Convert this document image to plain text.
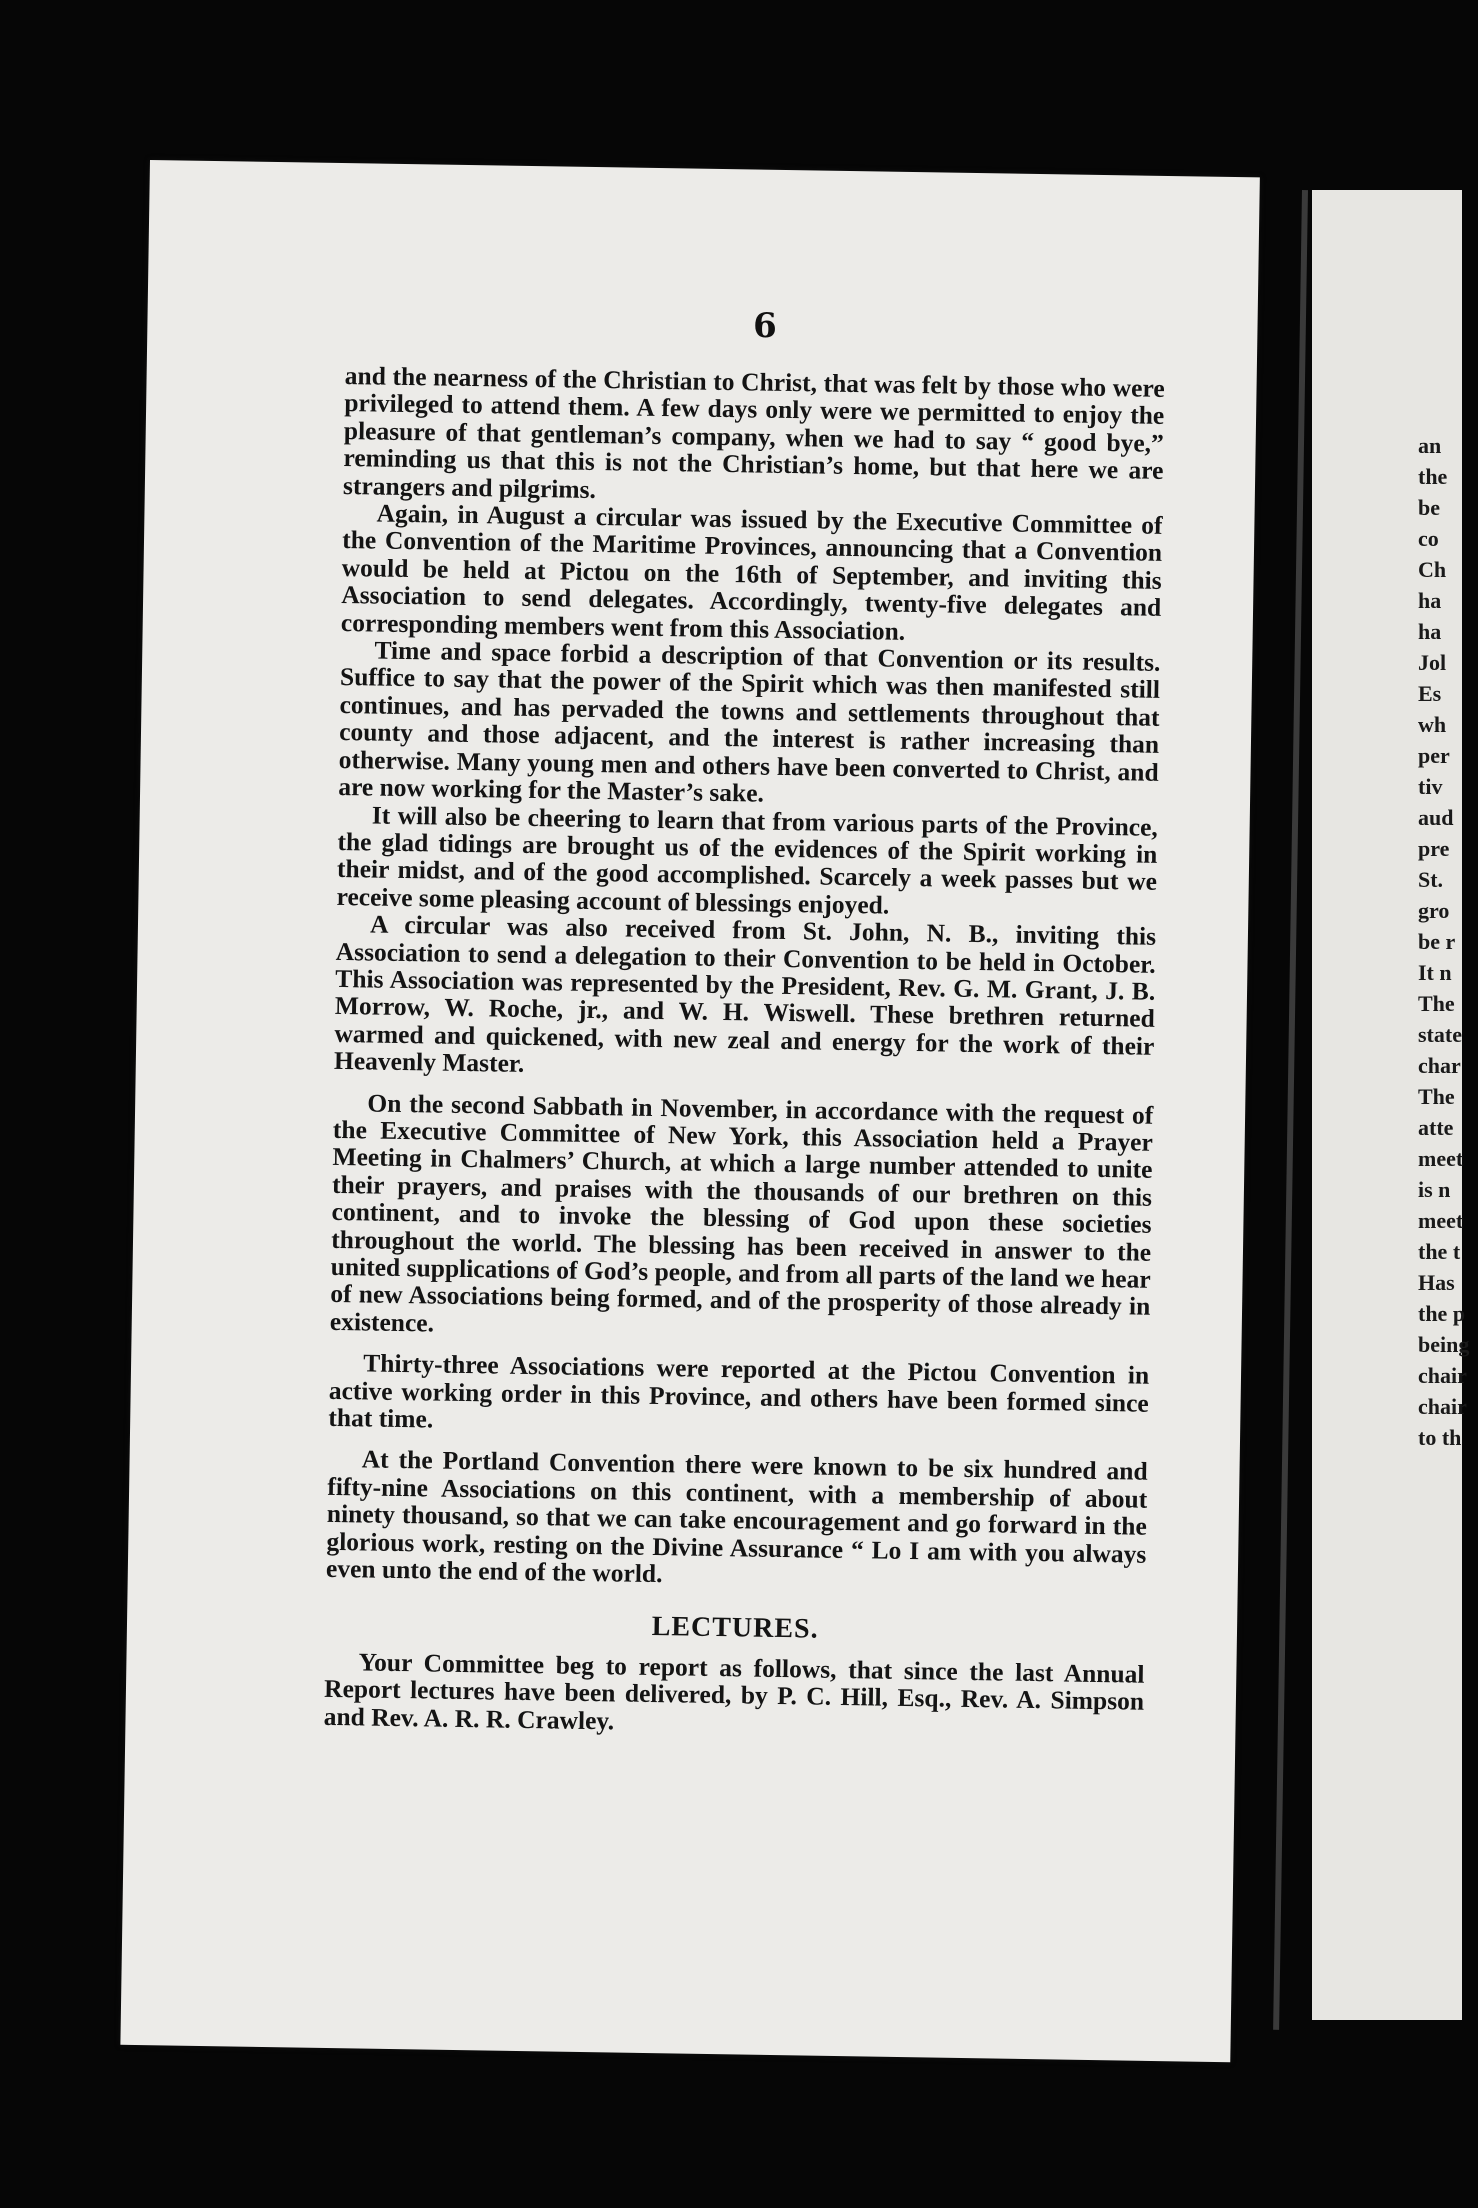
6

and the nearness of the Christian to Christ, that was felt by those who were privileged to attend them. A few days only were we permitted to enjoy the pleasure of that gentleman’s company, when we had to say “ good bye,” reminding us that this is not the Christian’s home, but that here we are strangers and pilgrims.

Again, in August a circular was issued by the Executive Committee of the Convention of the Maritime Provinces, announcing that a Convention would be held at Pictou on the 16th of September, and inviting this Association to send delegates. Accordingly, twenty-five delegates and corresponding members went from this Association.

Time and space forbid a description of that Convention or its results. Suffice to say that the power of the Spirit which was then manifested still continues, and has pervaded the towns and settlements throughout that county and those adjacent, and the interest is rather increasing than otherwise. Many young men and others have been converted to Christ, and are now working for the Master’s sake.

It will also be cheering to learn that from various parts of the Province, the glad tidings are brought us of the evidences of the Spirit working in their midst, and of the good accomplished. Scarcely a week passes but we receive some pleasing account of blessings enjoyed.

A circular was also received from St. John, N. B., inviting this Association to send a delegation to their Convention to be held in October. This Association was represented by the President, Rev. G. M. Grant, J. B. Morrow, W. Roche, jr., and W. H. Wiswell. These brethren returned warmed and quickened, with new zeal and energy for the work of their Heavenly Master.

On the second Sabbath in November, in accordance with the request of the Executive Committee of New York, this Association held a Prayer Meeting in Chalmers’ Church, at which a large number attended to unite their prayers, and praises with the thousands of our brethren on this continent, and to invoke the blessing of God upon these societies throughout the world. The blessing has been received in answer to the united supplications of God’s people, and from all parts of the land we hear of new Associations being formed, and of the prosperity of those already in existence.

Thirty-three Associations were reported at the Pictou Convention in active working order in this Province, and others have been formed since that time.

At the Portland Convention there were known to be six hundred and fifty-nine Associations on this continent, with a membership of about ninety thousand, so that we can take encouragement and go forward in the glorious work, resting on the Divine Assurance “ Lo I am with you always even unto the end of the world.

LECTURES.

Your Committee beg to report as follows, that since the last Annual Report lectures have been delivered, by P. C. Hill, Esq., Rev. A. Simpson and Rev. A. R. R. Crawley.

an
the
be
co
Ch
ha
ha
Jol
Es
wh
per
tiv
aud
pre
St.
gro
be r
It n
The
state
char
The
atte
meet
is n
meet
the t
Has
the p
being
chair
chair
to th
